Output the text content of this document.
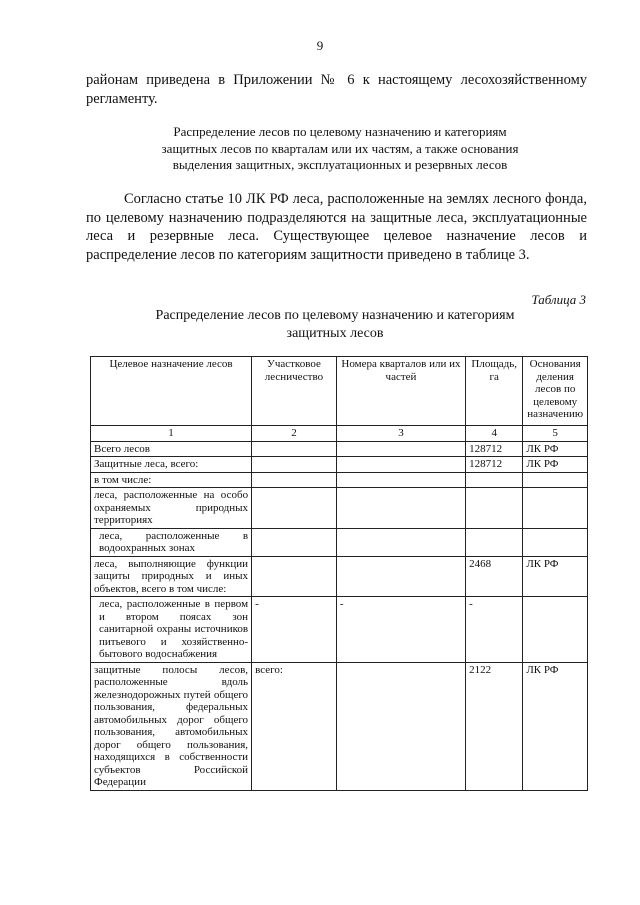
9
районам приведена в Приложении № 6 к настоящему лесохозяйственному регламенту.
Распределение лесов по целевому назначению и категориям
защитных лесов по кварталам или их частям, а также основания
выделения защитных, эксплуатационных и резервных лесов
Согласно статье 10 ЛК РФ леса, расположенные на землях лесного фонда, по целевому назначению подразделяются на защитные леса, эксплуатационные леса и резервные леса. Существующее целевое назначение лесов и распределение лесов по категориям защитности приведено в таблице 3.
Таблица 3
Распределение лесов по целевому назначению и категориям
защитных лесов
Целевое назначение лесов	Участковое лесничество	Номера кварталов или их частей	Площадь, га	Основания деления лесов по целевому назначению
1	2	3	4	5
Всего лесов			128712	ЛК РФ
Защитные леса, всего:			128712	ЛК РФ
в том числе:				
леса, расположенные на особо охраняемых природных территориях				
леса, расположенные в водоохранных зонах				
леса, выполняющие функции защиты природных и иных объектов, всего в том числе:			2468	ЛК РФ
леса, расположенные в первом и втором поясах зон санитарной охраны источников питьевого и хозяйственно-бытового водоснабжения	-	-	-	
защитные полосы лесов, расположенные вдоль железнодорожных путей общего пользования, федеральных автомобильных дорог общего пользования, автомобильных дорог общего пользования, находящихся в собственности субъектов Российской Федерации	всего:		2122	ЛК РФ
